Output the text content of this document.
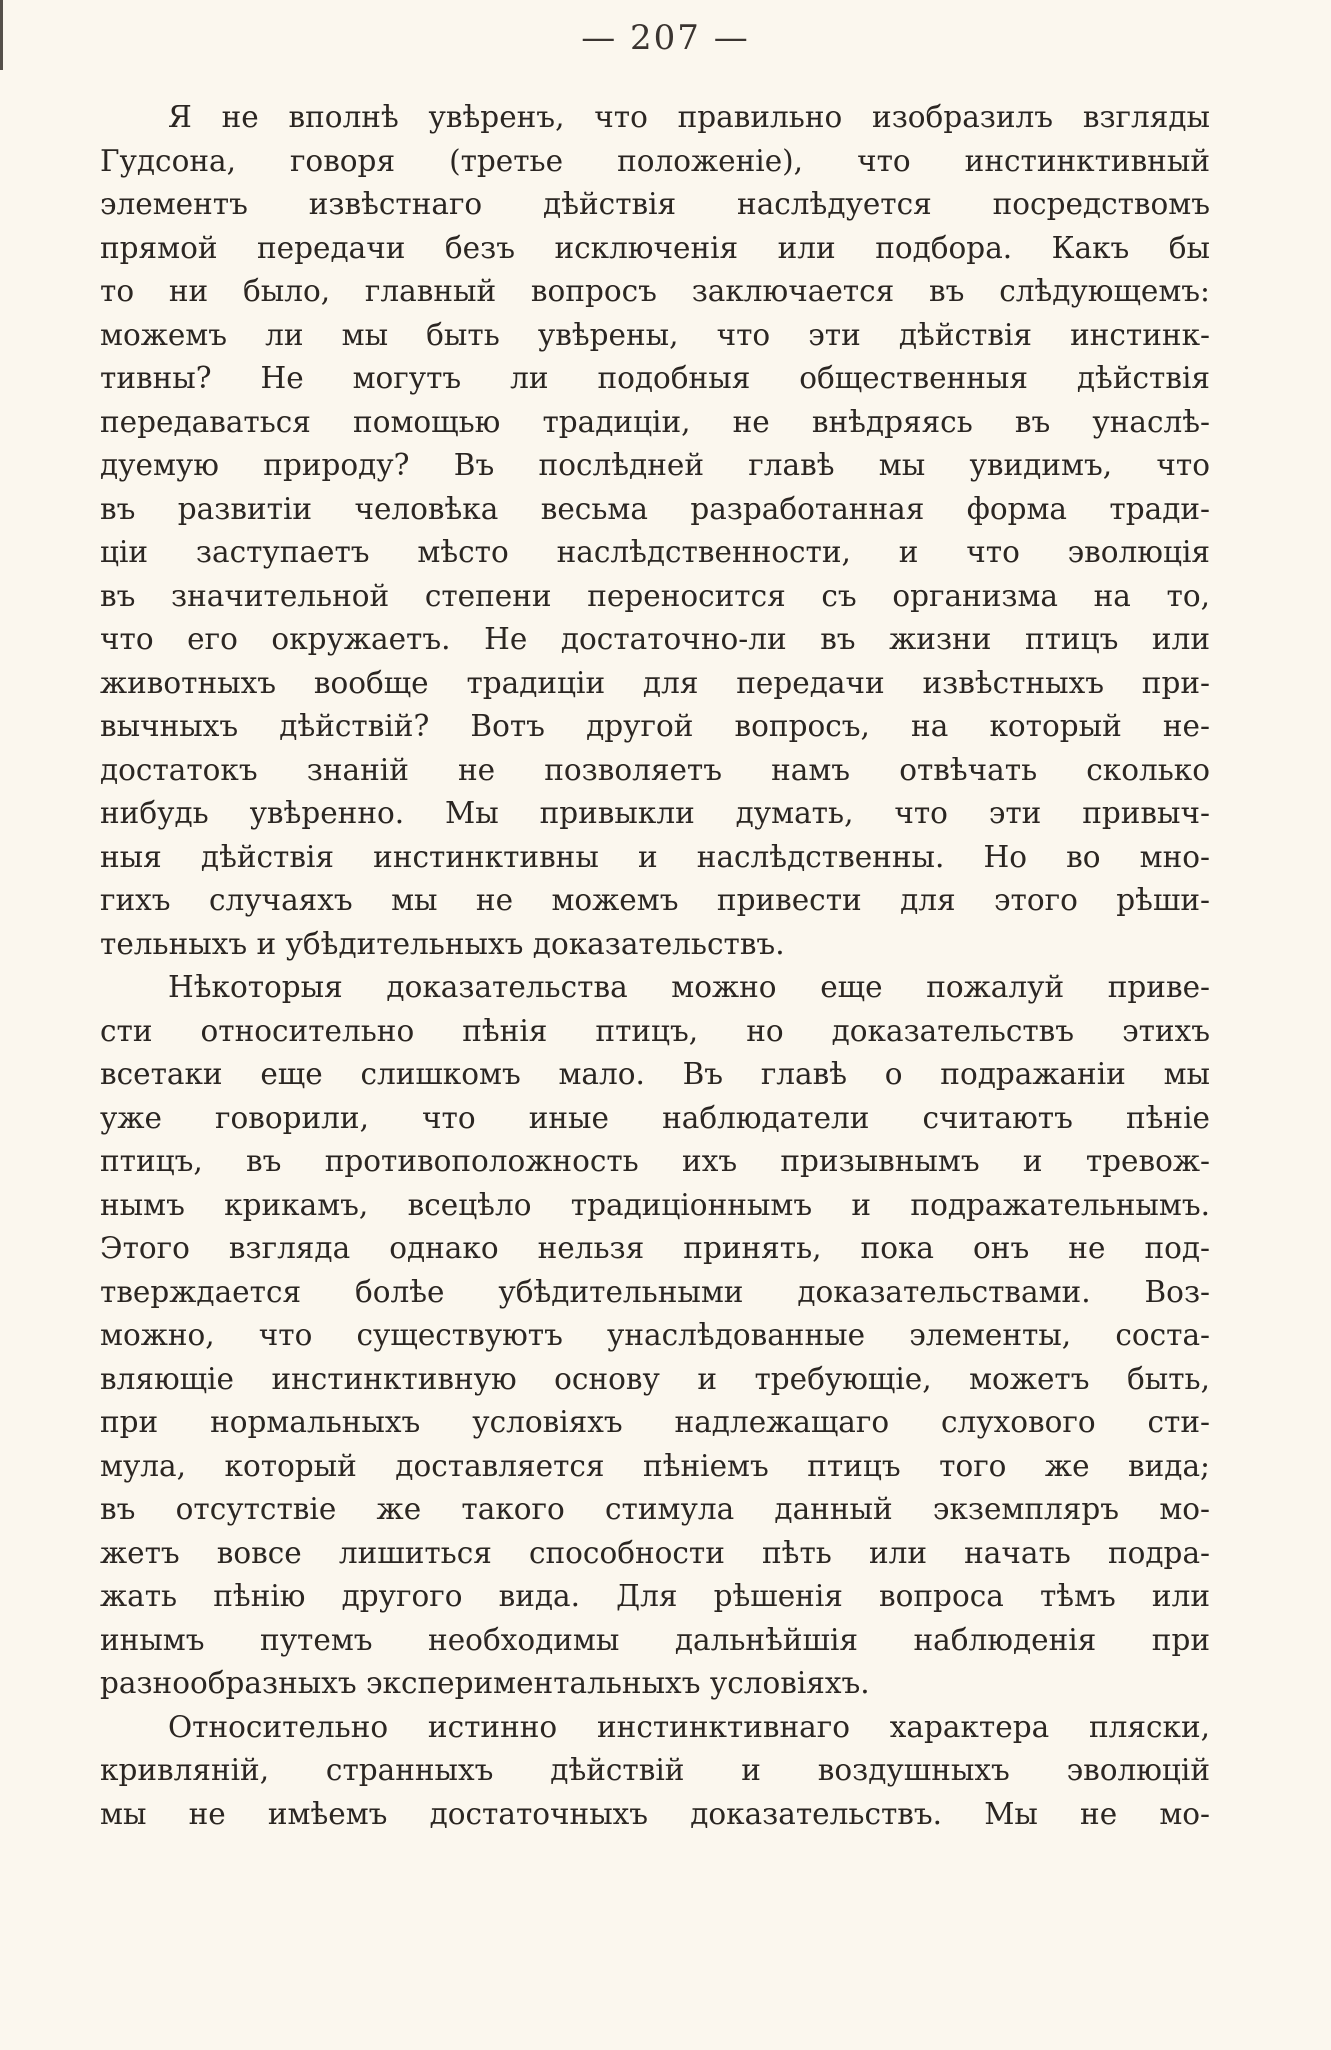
— 207 —
Я не вполнѣ увѣренъ, что правильно изобразилъ взгляды
Гудсона, говоря (третье положеніе), что инстинктивный
элементъ извѣстнаго дѣйствія наслѣдуется посредствомъ
прямой передачи безъ исключенія или подбора. Какъ бы
то ни было, главный вопросъ заключается въ слѣдующемъ:
можемъ ли мы быть увѣрены, что эти дѣйствія инстинк-
тивны? Не могутъ ли подобныя общественныя дѣйствія
передаваться помощью традиціи, не внѣдряясь въ унаслѣ-
дуемую природу? Въ послѣдней главѣ мы увидимъ, что
въ развитіи человѣка весьма разработанная форма тради-
ціи заступаетъ мѣсто наслѣдственности, и что эволюція
въ значительной степени переносится съ организма на то,
что его окружаетъ. Не достаточно-ли въ жизни птицъ или
животныхъ вообще традиціи для передачи извѣстныхъ при-
вычныхъ дѣйствій? Вотъ другой вопросъ, на который не-
достатокъ знаній не позволяетъ намъ отвѣчать сколько
нибудь увѣренно. Мы привыкли думать, что эти привыч-
ныя дѣйствія инстинктивны и наслѣдственны. Но во мно-
гихъ случаяхъ мы не можемъ привести для этого рѣши-
тельныхъ и убѣдительныхъ доказательствъ.
Нѣкоторыя доказательства можно еще пожалуй приве-
сти относительно пѣнія птицъ, но доказательствъ этихъ
всетаки еще слишкомъ мало. Въ главѣ о подражаніи мы
уже говорили, что иные наблюдатели считаютъ пѣніе
птицъ, въ противоположность ихъ призывнымъ и тревож-
нымъ крикамъ, всецѣло традиціоннымъ и подражательнымъ.
Этого взгляда однако нельзя принять, пока онъ не под-
тверждается болѣе убѣдительными доказательствами. Воз-
можно, что существуютъ унаслѣдованные элементы, соста-
вляющіе инстинктивную основу и требующіе, можетъ быть,
при нормальныхъ условіяхъ надлежащаго слухового сти-
мула, который доставляется пѣніемъ птицъ того же вида;
въ отсутствіе же такого стимула данный экземпляръ мо-
жетъ вовсе лишиться способности пѣть или начать подра-
жать пѣнію другого вида. Для рѣшенія вопроса тѣмъ или
инымъ путемъ необходимы дальнѣйшія наблюденія при
разнообразныхъ экспериментальныхъ условіяхъ.
Относительно истинно инстинктивнаго характера пляски,
кривляній, странныхъ дѣйствій и воздушныхъ эволюцій
мы не имѣемъ достаточныхъ доказательствъ. Мы не мо-
